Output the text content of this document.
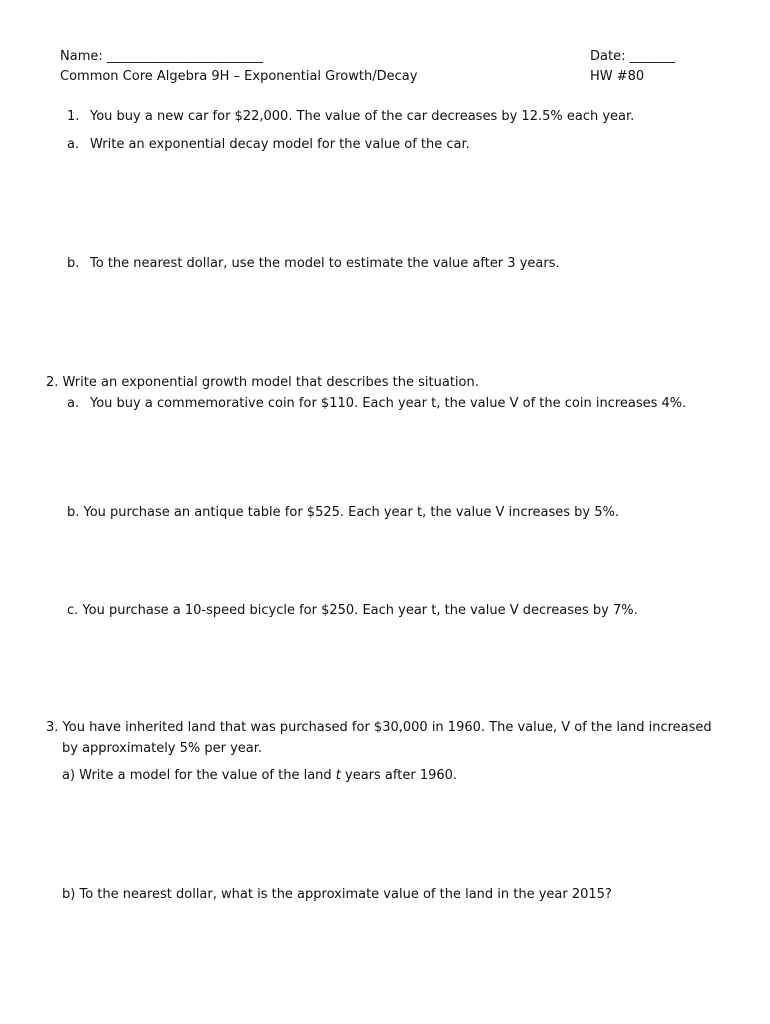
Name: ________________________	Date: _______
Common Core Algebra 9H – Exponential Growth/Decay	HW #80
1. You buy a new car for $22,000. The value of the car decreases by 12.5% each year.
a. Write an exponential decay model for the value of the car.
b. To the nearest dollar, use the model to estimate the value after 3 years.
2. Write an exponential growth model that describes the situation.
a. You buy a commemorative coin for $110. Each year t, the value V of the coin increases 4%.
b. You purchase an antique table for $525. Each year t, the value V increases by 5%.
c. You purchase a 10-speed bicycle for $250. Each year t, the value V decreases by 7%.
3. You have inherited land that was purchased for $30,000 in 1960. The value, V of the land increased
by approximately 5% per year.
a) Write a model for the value of the land t years after 1960.
b) To the nearest dollar, what is the approximate value of the land in the year 2015?
